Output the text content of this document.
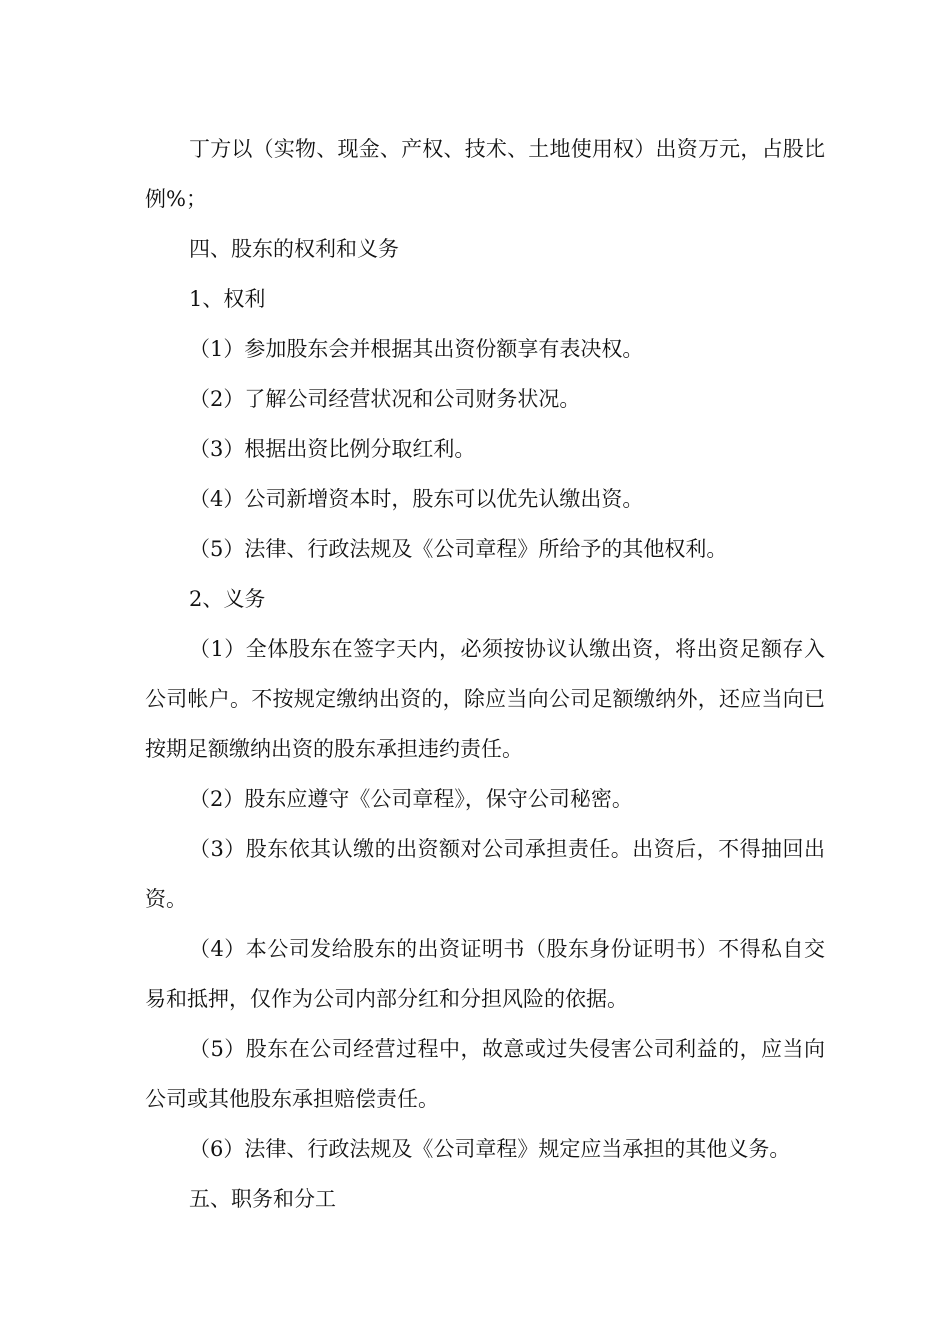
丁方以（实物、现金、产权、技术、土地使用权）出资万元，占股比例%；

四、股东的权利和义务

1、权利

（1）参加股东会并根据其出资份额享有表决权。

（2）了解公司经营状况和公司财务状况。

（3）根据出资比例分取红利。

（4）公司新增资本时，股东可以优先认缴出资。

（5）法律、行政法规及《公司章程》所给予的其他权利。

2、义务

（1）全体股东在签字天内，必须按协议认缴出资，将出资足额存入公司帐户。不按规定缴纳出资的，除应当向公司足额缴纳外，还应当向已按期足额缴纳出资的股东承担违约责任。

（2）股东应遵守《公司章程》，保守公司秘密。

（3）股东依其认缴的出资额对公司承担责任。出资后，不得抽回出资。

（4）本公司发给股东的出资证明书（股东身份证明书）不得私自交易和抵押，仅作为公司内部分红和分担风险的依据。

（5）股东在公司经营过程中，故意或过失侵害公司利益的，应当向公司或其他股东承担赔偿责任。

（6）法律、行政法规及《公司章程》规定应当承担的其他义务。

五、职务和分工
